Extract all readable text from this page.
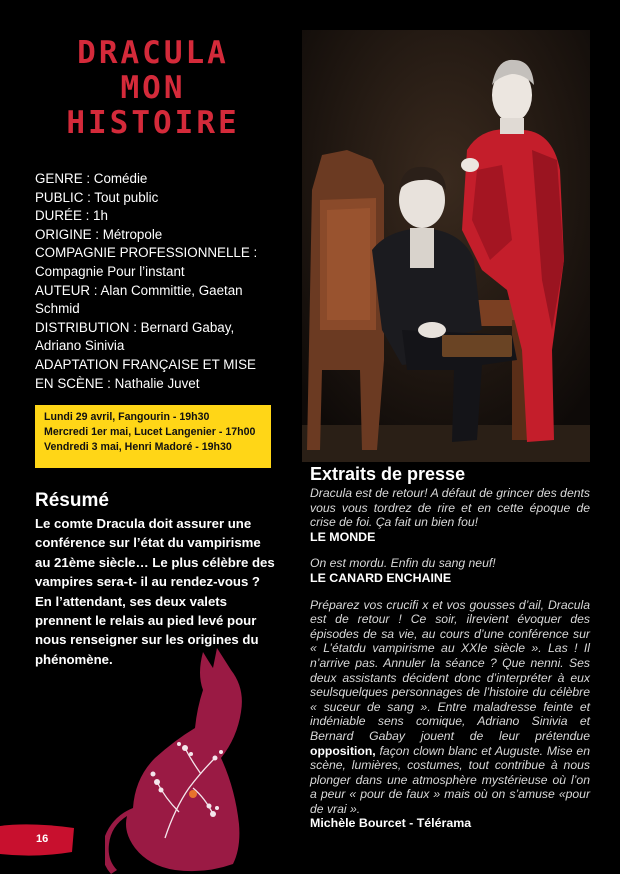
DRACULA
MON
HISTOIRE
GENRE : Comédie
PUBLIC : Tout public
DURÉE : 1h
ORIGINE : Métropole
COMPAGNIE PROFESSIONNELLE :
Compagnie Pour l’instant
AUTEUR : Alan Committie, Gaetan
Schmid
DISTRIBUTION : Bernard Gabay,
Adriano Sinivia
ADAPTATION FRANÇAISE ET MISE
EN SCÈNE : Nathalie Juvet
Lundi 29 avril, Fangourin - 19h30
Mercredi 1er mai, Lucet Langenier - 17h00
Vendredi 3 mai, Henri Madoré - 19h30
Résumé
Le comte Dracula doit assurer une conférence sur l’état du vampirisme au 21ème siècle… Le plus célèbre des vampires sera-t- il au rendez-vous ? En l’attendant, ses deux valets prennent le relais au pied levé pour nous renseigner sur les origines du phénomène.
Extraits de presse
Dracula est de retour! A défaut de grincer des dents vous vous tordrez de rire et en cette époque de crise de foi. Ça fait un bien fou!
LE MONDE
On est mordu. Enfin du sang neuf!
LE CANARD ENCHAINE
Préparez vos crucifi x et vos gousses d’ail, Dracula est de retour ! Ce soir, ilrevient évoquer des épisodes de sa vie, au cours d’une conférence sur « L’étatdu vampirisme au XXIe siècle ». Las ! Il n’arrive pas. Annuler la séance ? Que nenni. Ses deux assistants décident donc d’interpréter à eux seulsquelques personnages de l’histoire du célèbre « suceur de sang ». Entre maladresse feinte et indéniable sens comique, Adriano Sinivia et Bernard Gabay jouent de leur prétendue opposition, façon clown blanc et Auguste. Mise en scène, lumières, costumes, tout contribue à nous plonger dans une atmosphère mystérieuse où l’on a peur « pour de faux » mais où on s’amuse «pour de vrai ».
Michèle Bourcet - Télérama
16
